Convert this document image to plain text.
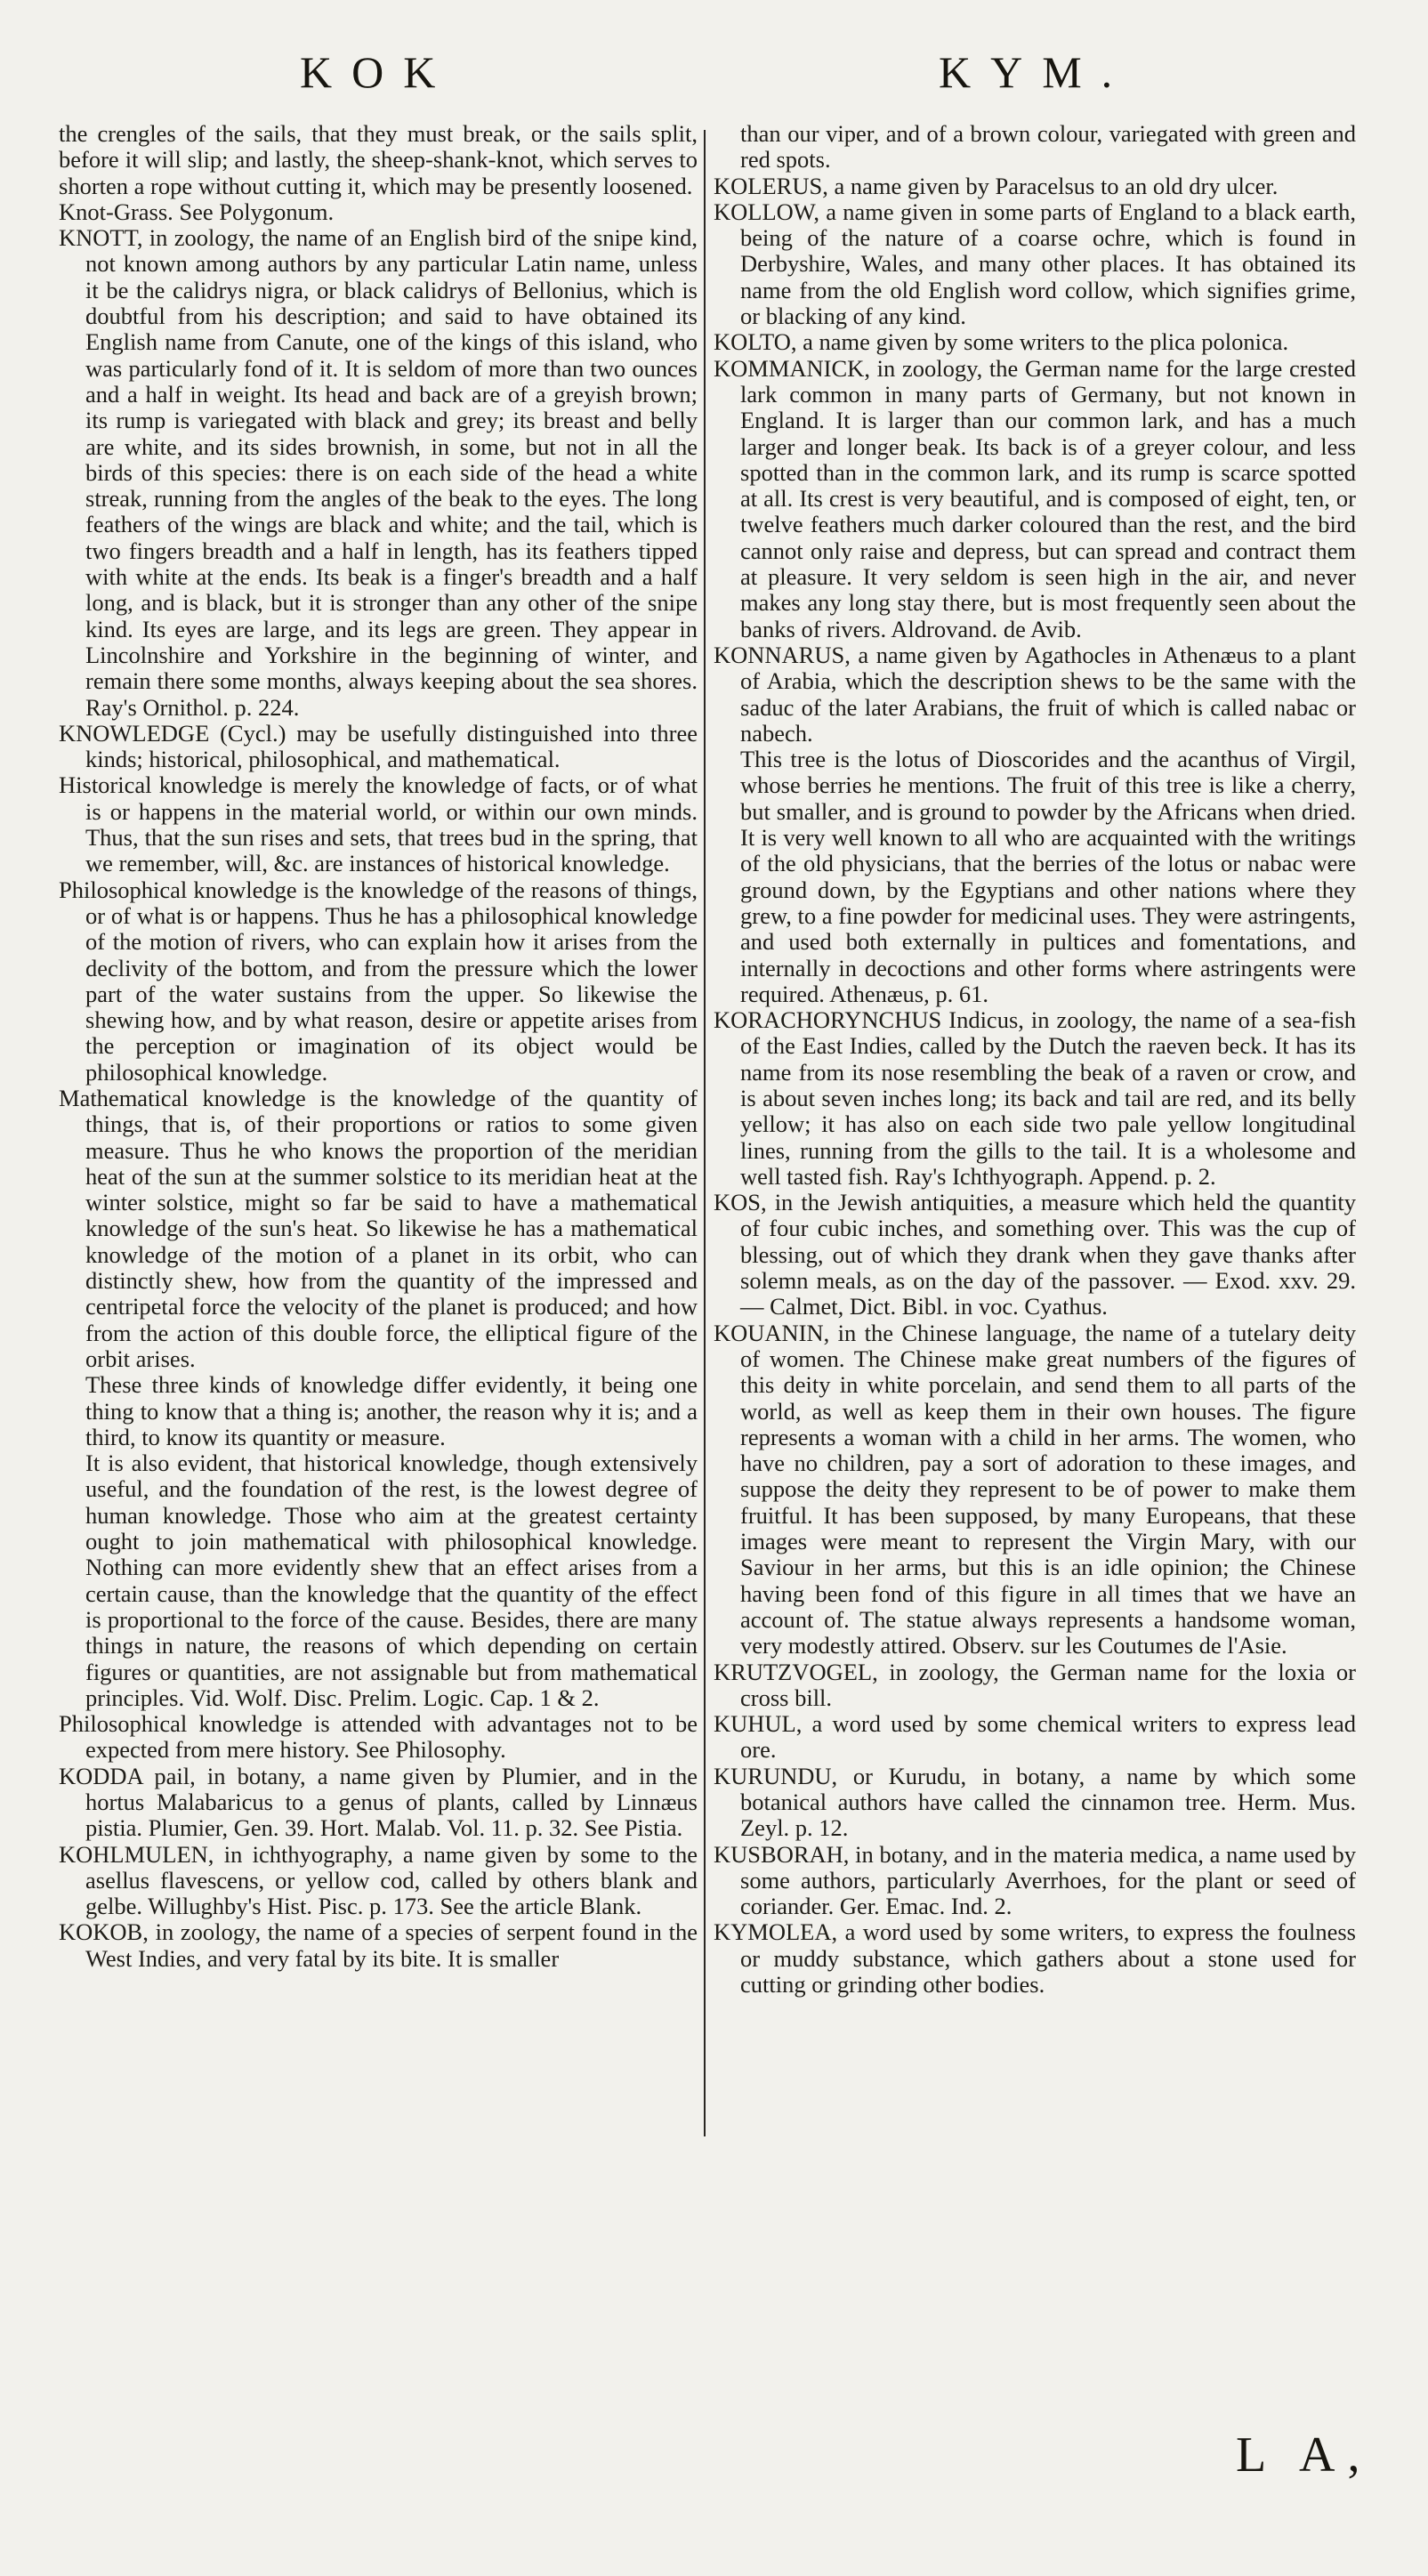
KOK	KYM.

the crengles of the sails, that they must break, or the sails split, before it will slip; and lastly, the sheep-shank-knot, which serves to shorten a rope without cutting it, which may be presently loosened.

Knot-Grass. See Polygonum.

KNOTT, in zoology, the name of an English bird of the snipe kind, not known among authors by any particular Latin name, unless it be the calidrys nigra, or black calidrys of Bellonius, which is doubtful from his description; and said to have obtained its English name from Canute, one of the kings of this island, who was particularly fond of it. It is seldom of more than two ounces and a half in weight. Its head and back are of a greyish brown; its rump is variegated with black and grey; its breast and belly are white, and its sides brownish, in some, but not in all the birds of this species: there is on each side of the head a white streak, running from the angles of the beak to the eyes. The long feathers of the wings are black and white; and the tail, which is two fingers breadth and a half in length, has its feathers tipped with white at the ends. Its beak is a finger's breadth and a half long, and is black, but it is stronger than any other of the snipe kind. Its eyes are large, and its legs are green. They appear in Lincolnshire and Yorkshire in the beginning of winter, and remain there some months, always keeping about the sea shores. Ray's Ornithol. p. 224.

KNOWLEDGE (Cycl.) may be usefully distinguished into three kinds; historical, philosophical, and mathematical.

Historical knowledge is merely the knowledge of facts, or of what is or happens in the material world, or within our own minds. Thus, that the sun rises and sets, that trees bud in the spring, that we remember, will, &c. are instances of historical knowledge.

Philosophical knowledge is the knowledge of the reasons of things, or of what is or happens. Thus he has a philosophical knowledge of the motion of rivers, who can explain how it arises from the declivity of the bottom, and from the pressure which the lower part of the water sustains from the upper. So likewise the shewing how, and by what reason, desire or appetite arises from the perception or imagination of its object would be philosophical knowledge.

Mathematical knowledge is the knowledge of the quantity of things, that is, of their proportions or ratios to some given measure. Thus he who knows the proportion of the meridian heat of the sun at the summer solstice to its meridian heat at the winter solstice, might so far be said to have a mathematical knowledge of the sun's heat. So likewise he has a mathematical knowledge of the motion of a planet in its orbit, who can distinctly shew, how from the quantity of the impressed and centripetal force the velocity of the planet is produced; and how from the action of this double force, the elliptical figure of the orbit arises.

These three kinds of knowledge differ evidently, it being one thing to know that a thing is; another, the reason why it is; and a third, to know its quantity or measure.

It is also evident, that historical knowledge, though extensively useful, and the foundation of the rest, is the lowest degree of human knowledge. Those who aim at the greatest certainty ought to join mathematical with philosophical knowledge. Nothing can more evidently shew that an effect arises from a certain cause, than the knowledge that the quantity of the effect is proportional to the force of the cause. Besides, there are many things in nature, the reasons of which depending on certain figures or quantities, are not assignable but from mathematical principles. Vid. Wolf. Disc. Prelim. Logic. Cap. 1 & 2.

Philosophical knowledge is attended with advantages not to be expected from mere history. See Philosophy.

KODDA pail, in botany, a name given by Plumier, and in the hortus Malabaricus to a genus of plants, called by Linnæus pistia. Plumier, Gen. 39. Hort. Malab. Vol. 11. p. 32. See Pistia.

KOHLMULEN, in ichthyography, a name given by some to the asellus flavescens, or yellow cod, called by others blank and gelbe. Willughby's Hist. Pisc. p. 173. See the article Blank.

KOKOB, in zoology, the name of a species of serpent found in the West Indies, and very fatal by its bite. It is smaller

than our viper, and of a brown colour, variegated with green and red spots.

KOLERUS, a name given by Paracelsus to an old dry ulcer.

KOLLOW, a name given in some parts of England to a black earth, being of the nature of a coarse ochre, which is found in Derbyshire, Wales, and many other places. It has obtained its name from the old English word collow, which signifies grime, or blacking of any kind.

KOLTO, a name given by some writers to the plica polonica.

KOMMANICK, in zoology, the German name for the large crested lark common in many parts of Germany, but not known in England. It is larger than our common lark, and has a much larger and longer beak. Its back is of a greyer colour, and less spotted than in the common lark, and its rump is scarce spotted at all. Its crest is very beautiful, and is composed of eight, ten, or twelve feathers much darker coloured than the rest, and the bird cannot only raise and depress, but can spread and contract them at pleasure. It very seldom is seen high in the air, and never makes any long stay there, but is most frequently seen about the banks of rivers. Aldrovand. de Avib.

KONNARUS, a name given by Agathocles in Athenæus to a plant of Arabia, which the description shews to be the same with the saduc of the later Arabians, the fruit of which is called nabac or nabech.

This tree is the lotus of Dioscorides and the acanthus of Virgil, whose berries he mentions. The fruit of this tree is like a cherry, but smaller, and is ground to powder by the Africans when dried. It is very well known to all who are acquainted with the writings of the old physicians, that the berries of the lotus or nabac were ground down, by the Egyptians and other nations where they grew, to a fine powder for medicinal uses. They were astringents, and used both externally in pultices and fomentations, and internally in decoctions and other forms where astringents were required. Athenæus, p. 61.

KORACHORYNCHUS Indicus, in zoology, the name of a sea-fish of the East Indies, called by the Dutch the raeven beck. It has its name from its nose resembling the beak of a raven or crow, and is about seven inches long; its back and tail are red, and its belly yellow; it has also on each side two pale yellow longitudinal lines, running from the gills to the tail. It is a wholesome and well tasted fish. Ray's Ichthyograph. Append. p. 2.

KOS, in the Jewish antiquities, a measure which held the quantity of four cubic inches, and something over. This was the cup of blessing, out of which they drank when they gave thanks after solemn meals, as on the day of the passover. — Exod. xxv. 29. — Calmet, Dict. Bibl. in voc. Cyathus.

KOUANIN, in the Chinese language, the name of a tutelary deity of women. The Chinese make great numbers of the figures of this deity in white porcelain, and send them to all parts of the world, as well as keep them in their own houses. The figure represents a woman with a child in her arms. The women, who have no children, pay a sort of adoration to these images, and suppose the deity they represent to be of power to make them fruitful. It has been supposed, by many Europeans, that these images were meant to represent the Virgin Mary, with our Saviour in her arms, but this is an idle opinion; the Chinese having been fond of this figure in all times that we have an account of. The statue always represents a handsome woman, very modestly attired. Observ. sur les Coutumes de l'Asie.

KRUTZVOGEL, in zoology, the German name for the loxia or cross bill.

KUHUL, a word used by some chemical writers to express lead ore.

KURUNDU, or Kurudu, in botany, a name by which some botanical authors have called the cinnamon tree. Herm. Mus. Zeyl. p. 12.

KUSBORAH, in botany, and in the materia medica, a name used by some authors, particularly Averrhoes, for the plant or seed of coriander. Ger. Emac. Ind. 2.

KYMOLEA, a word used by some writers, to express the foulness or muddy substance, which gathers about a stone used for cutting or grinding other bodies.

L A,
